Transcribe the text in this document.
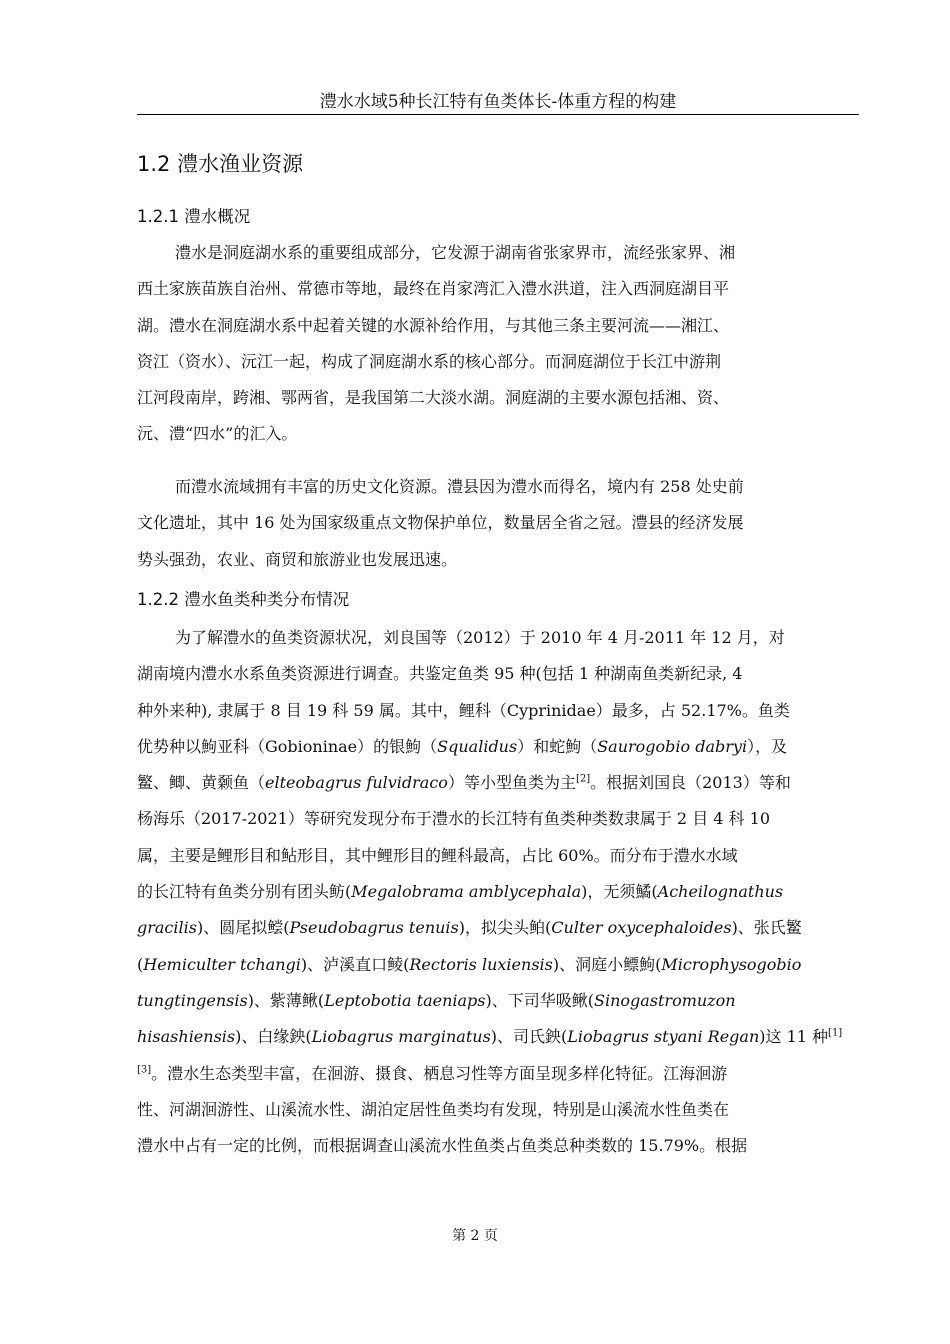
澧水水域5种长江特有鱼类体长-体重方程的构建
1.2 澧水渔业资源
1.2.1 澧水概况
澧水是洞庭湖水系的重要组成部分，它发源于湖南省张家界市，流经张家界、湘
西土家族苗族自治州、常德市等地，最终在肖家湾汇入澧水洪道，注入西洞庭湖目平
湖。澧水在洞庭湖水系中起着关键的水源补给作用，与其他三条主要河流——湘江、
资江（资水）、沅江一起，构成了洞庭湖水系的核心部分。而洞庭湖位于长江中游荆
江河段南岸，跨湘、鄂两省，是我国第二大淡水湖。洞庭湖的主要水源包括湘、资、
沅、澧“四水”的汇入。
而澧水流域拥有丰富的历史文化资源。澧县因为澧水而得名，境内有 258 处史前
文化遗址，其中 16 处为国家级重点文物保护单位，数量居全省之冠。澧县的经济发展
势头强劲，农业、商贸和旅游业也发展迅速。
1.2.2 澧水鱼类种类分布情况
为了解澧水的鱼类资源状况，刘良国等（2012）于 2010 年 4 月-2011 年 12 月，对
湖南境内澧水水系鱼类资源进行调查。共鉴定鱼类 95 种(包括 1 种湖南鱼类新纪录, 4
种外来种), 隶属于 8 目 19 科 59 属。其中，鲤科（Cyprinidae）最多，占 52.17%。鱼类
优势种以鮈亚科（Gobioninae）的银鮈（Squalidus）和蛇鮈（Saurogobio dabryi），及
鳘、鲫、黄颡鱼（elteobagrus fulvidraco）等小型鱼类为主[2]。根据刘国良（2013）等和
杨海乐（2017-2021）等研究发现分布于澧水的长江特有鱼类种类数隶属于 2 目 4 科 10
属，主要是鲤形目和鲇形目，其中鲤形目的鲤科最高，占比 60%。而分布于澧水水域
的长江特有鱼类分别有团头鲂(Megalobrama amblycephala)，无须鱊(Acheilognathus
gracilis)、圆尾拟鲿(Pseudobagrus tenuis)，拟尖头鲌(Culter oxycephaloides)、张氏鳘
(Hemiculter tchangi)、泸溪直口鲮(Rectoris luxiensis)、洞庭小鳔鮈(Microphysogobio
tungtingensis)、紫薄鳅(Leptobotia taeniaps)、下司华吸鳅(Sinogastromuzon
hisashiensis)、白缘鉠(Liobagrus marginatus)、司氏鉠(Liobagrus styani Regan)这 11 种[1]
[3]。澧水生态类型丰富，在洄游、摄食、栖息习性等方面呈现多样化特征。江海洄游
性、河湖洄游性、山溪流水性、湖泊定居性鱼类均有发现，特别是山溪流水性鱼类在
澧水中占有一定的比例，而根据调查山溪流水性鱼类占鱼类总种类数的 15.79%。根据
第 2 页
